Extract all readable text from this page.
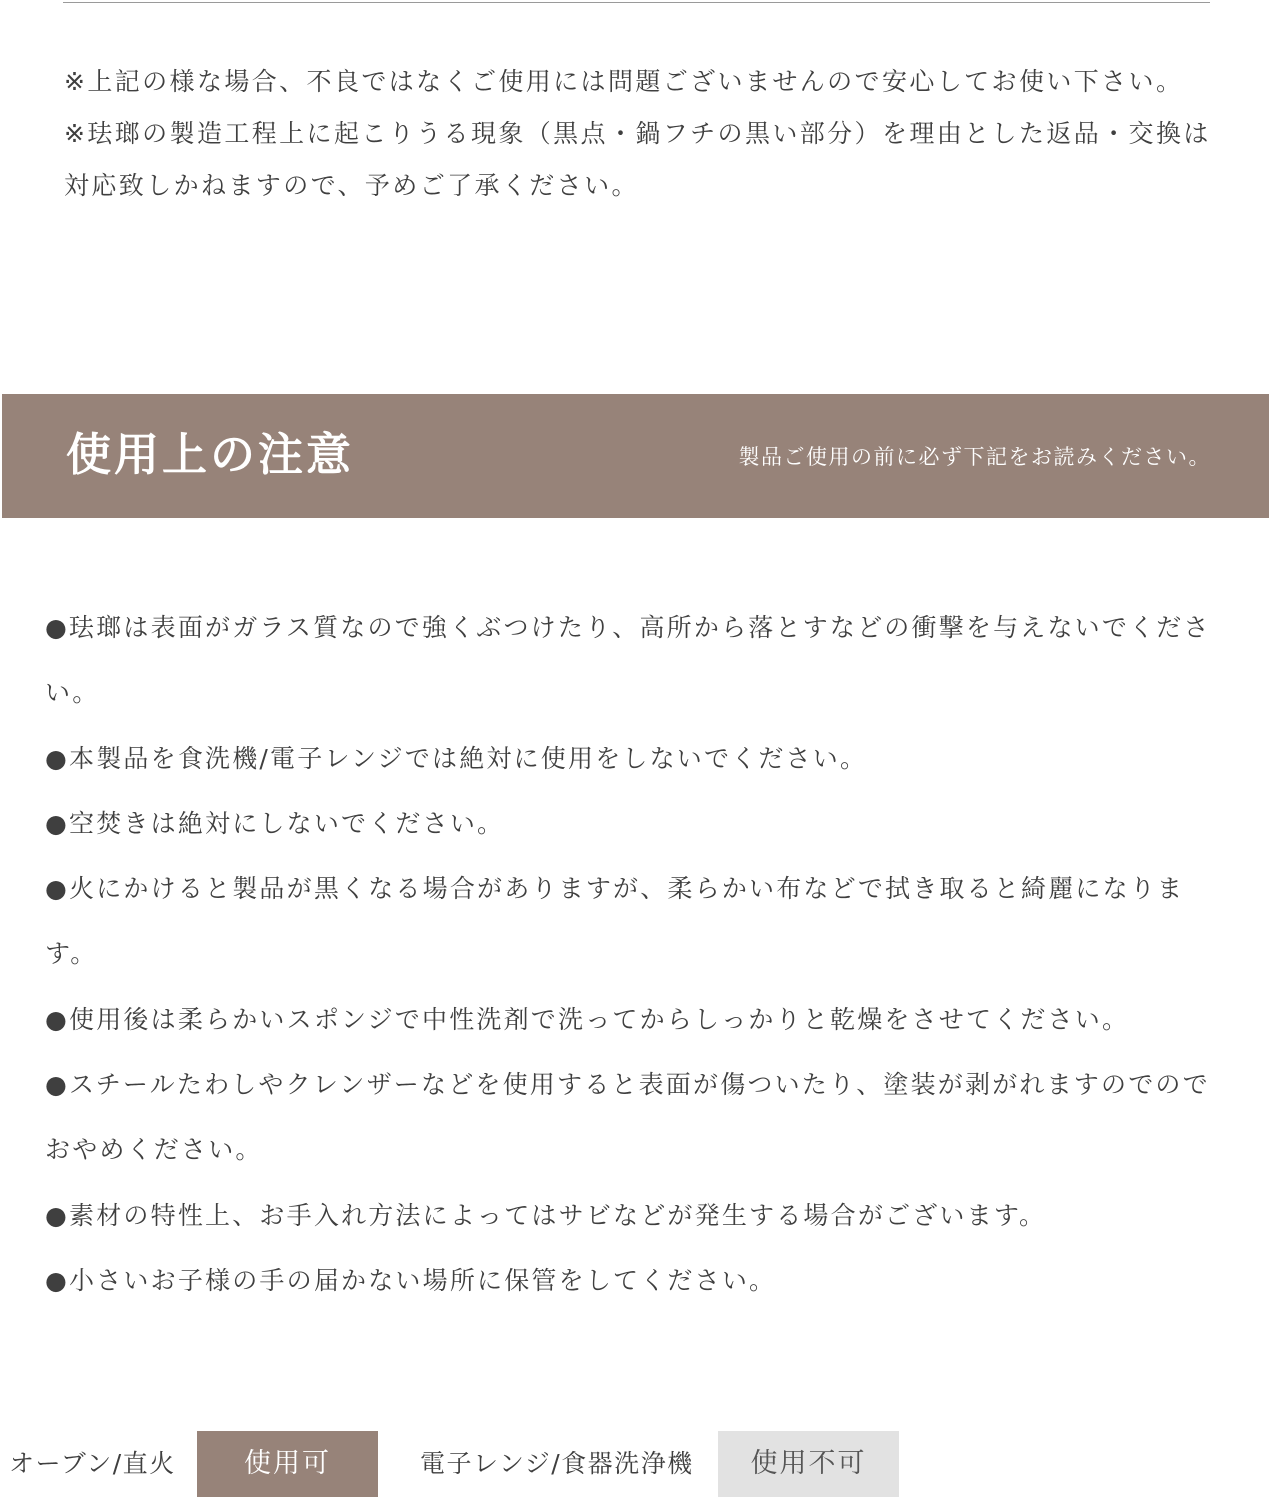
※上記の様な場合、不良ではなくご使用には問題ございませんので安心してお使い下さい。

※珐瑯の製造工程上に起こりうる現象（黒点・鍋フチの黒い部分）を理由とした返品・交換は対応致しかねますので、予めご了承ください。

使用上の注意	製品ご使用の前に必ず下記をお読みください。

●珐瑯は表面がガラス質なので強くぶつけたり、高所から落とすなどの衝撃を与えないでください。

●本製品を食洗機/電子レンジでは絶対に使用をしないでください。

●空焚きは絶対にしないでください。

●火にかけると製品が黒くなる場合がありますが、柔らかい布などで拭き取ると綺麗になります。

●使用後は柔らかいスポンジで中性洗剤で洗ってからしっかりと乾燥をさせてください。

●スチールたわしやクレンザーなどを使用すると表面が傷ついたり、塗装が剥がれますのでのでおやめください。

●素材の特性上、お手入れ方法によってはサビなどが発生する場合がございます。

●小さいお子様の手の届かない場所に保管をしてください。

オーブン/直火	使用可	電子レンジ/食器洗浄機	使用不可
